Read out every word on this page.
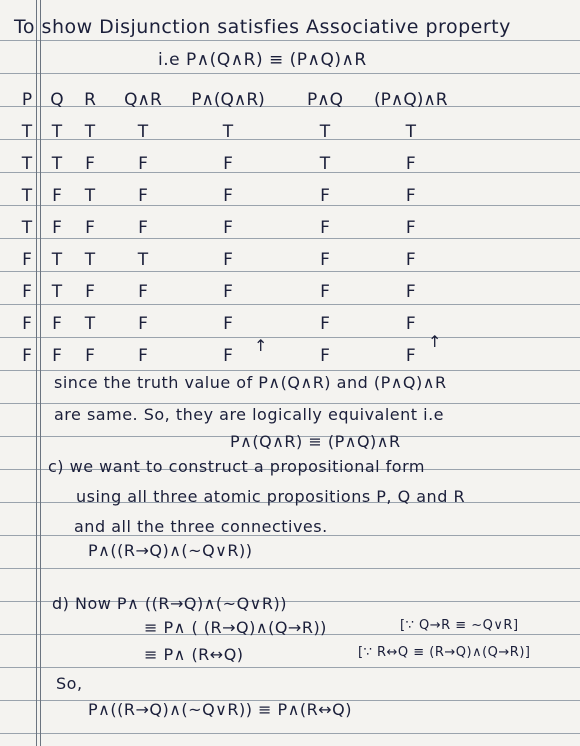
To show Disjunction satisfies Associative property
i.e P∧(Q∧R) ≡ (P∧Q)∧R
P	Q	R	Q∧R	P∧(Q∧R)	P∧Q	(P∧Q)∧R
T	T	T	T	T	T	T
T	T	F	F	F	T	F
T	F	T	F	F	F	F
T	F	F	F	F	F	F
F	T	T	T	F	F	F
F	T	F	F	F	F	F
F	F	T	F	F	F	F
F	F	F	F	F	F	F
↑	↑
since the truth value of P∧(Q∧R) and (P∧Q)∧R
are same. So, they are logically equivalent i.e
P∧(Q∧R) ≡ (P∧Q)∧R
c) we want to construct a propositional form
using all three atomic propositions P, Q and R
and all the three connectives.
P∧((R→Q)∧(~Q∨R))
d) Now P∧ ((R→Q)∧(~Q∨R))
≡ P∧ ( (R→Q)∧(Q→R))	[∵ Q→R ≡ ~Q∨R]
≡ P∧ (R↔Q)	[∵ R↔Q ≡ (R→Q)∧(Q→R)]
So,
P∧((R→Q)∧(~Q∨R)) ≡ P∧(R↔Q)
